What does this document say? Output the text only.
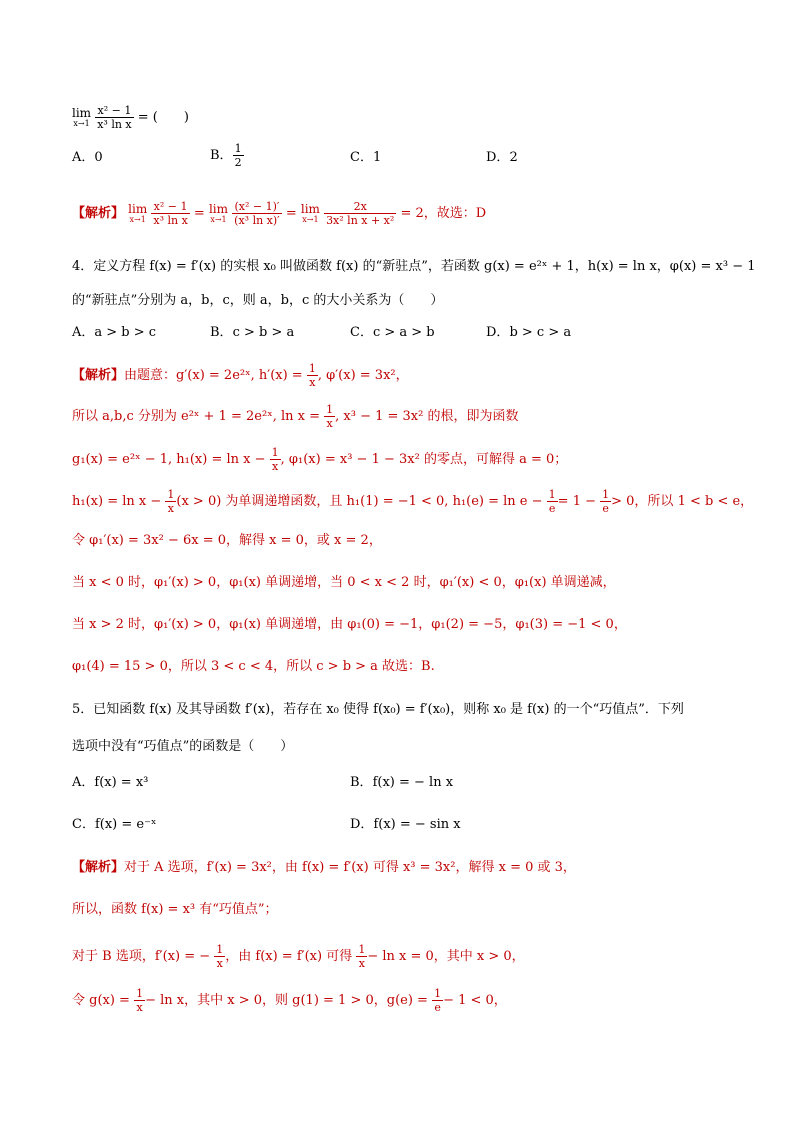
lim
x→1
$\frac{\text{x² − 1}}{\text{x³ ln x}}$ = (　　)
A．0	B． $\frac{1}{2}$	C．1	D．2
【解析】 lim
x→1
$\frac{\text{x² − 1}}{\text{x³ ln x}} = \lim$
x→1
$\frac{\text{(x² − 1)′}}{\text{(x³ ln x)′}} = \lim$
x→1
$\frac{2x}{\text{3x² ln x + x²}} = 2$，故选：D
4．定义方程 f(x) = f′(x) 的实根 x₀ 叫做函数 f(x) 的“新驻点”，若函数 g(x) = e²ˣ + 1，h(x) = ln x，φ(x) = x³ − 1
的“新驻点”分别为 a，b，c，则 a，b，c 的大小关系为（　　）
A．a > b > c	B．c > b > a	C．c > a > b	D．b > c > a
【解析】由题意：g′(x) = 2e²ˣ, $h'(x) = \frac{1}{x}$ , φ′(x) = 3x²，
所以 a,b,c 分别为 e²ˣ + 1 = 2e²ˣ, $\ln x = \frac{1}{x}$ , x³ − 1 = 3x² 的根，即为函数
g₁(x) = e²ˣ − 1, $h_1(x) = \ln x - \frac{1}{x}$ , φ₁(x) = x³ − 1 − 3x² 的零点，可解得 a = 0；
$h_1(x) = \ln x - \frac{1}{x} (x > 0)$ 为单调递增函数，且 h₁(1) = −1 < 0, $h_1(e) = \ln e - \frac{1}{e} = 1 - \frac{1}{e} > 0$，所以 1 < b < e，
令 φ₁′(x) = 3x² − 6x = 0，解得 x = 0，或 x = 2，
当 x < 0 时，φ₁′(x) > 0，φ₁(x) 单调递增，当 0 < x < 2 时，φ₁′(x) < 0，φ₁(x) 单调递减，
当 x > 2 时，φ₁′(x) > 0，φ₁(x) 单调递增，由 φ₁(0) = −1，φ₁(2) = −5，φ₁(3) = −1 < 0，
φ₁(4) = 15 > 0，所以 3 < c < 4，所以 c > b > a 故选：B.
5．已知函数 f(x) 及其导函数 f′(x)，若存在 x₀ 使得 f(x₀) = f′(x₀)，则称 x₀ 是 f(x) 的一个“巧值点”．下列
选项中没有“巧值点”的函数是（　　）
A．f(x) = x³	B．f(x) = − ln x
C．f(x) = e⁻ˣ	D．f(x) = − sin x
【解析】对于 A 选项，f′(x) = 3x²，由 f(x) = f′(x) 可得 x³ = 3x²，解得 x = 0 或 3，
所以，函数 f(x) = x³ 有“巧值点”；
对于 B 选项，f′(x) = − $\frac{1}{x}$ ，由 f(x) = f′(x) 可得 $\frac{1}{x} - \ln x = 0$，其中 x > 0，
令 $g(x) = \frac{1}{x} - \ln x$，其中 x > 0，则 g(1) = 1 > 0，$g(e) = \frac{1}{e} - 1 < 0$，
